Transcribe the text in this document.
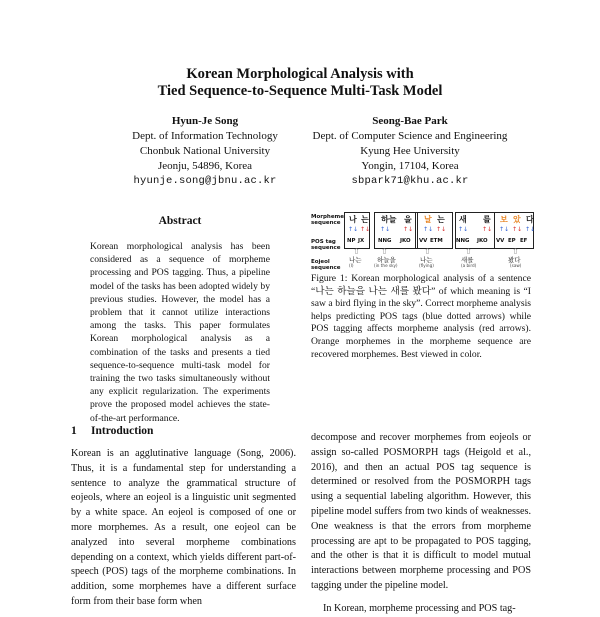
Korean Morphological Analysis with
Tied Sequence-to-Sequence Multi-Task Model
Hyun-Je Song
Dept. of Information Technology
Chonbuk National University
Jeonju, 54896, Korea
hyunje.song@jbnu.ac.kr
Seong-Bae Park
Dept. of Computer Science and Engineering
Kyung Hee University
Yongin, 17104, Korea
sbpark71@khu.ac.kr
Abstract
Korean morphological analysis has been considered as a sequence of morpheme processing and POS tagging. Thus, a pipeline model of the tasks has been adopted widely by previous studies. However, the model has a problem that it cannot utilize interactions among the tasks. This paper formulates Korean morphological analysis as a combination of the tasks and presents a tied sequence-to-sequence multi-task model for training the two tasks simultaneously without any explicit regularization. The experiments prove the proposed model achieves the state-of-the-art performance.
1 Introduction
Korean is an agglutinative language (Song, 2006). Thus, it is a fundamental step for understanding a sentence to analyze the grammatical structure of eojeols, where an eojeol is a linguistic unit segmented by a white space. An eojeol is composed of one or more morphemes. As a result, one eojeol can be analyzed into several morpheme combinations depending on a context, which yields different part-of-speech (POS) tags of the morpheme combinations. In addition, some morphemes have a different surface form from their base form when

decompose and recover morphemes from eojeols or assign so-called POSMORPH tags (Heigold et al., 2016), and then an actual POS tag sequence is determined or resolved from the POSMORPH tags using a sequential labeling algorithm. However, this pipeline model suffers from two kinds of weaknesses. One weakness is that the errors from morpheme processing are apt to be propagated to POS tagging, and the other is that it is difficult to model mutual interactions between morpheme processing and POS tagging under the pipeline model.

In Korean, morpheme processing and POS tag-

Morpheme sequence
POS tag sequence
Eojeol sequence
나
↑↓
는
↑↓
하늘
↑↓
을
↑↓
날
↑↓
는
↑↓
새
↑↓
를
↑↓
보
↑↓
았
↑↓
다
↑↓
NP JX	NNG JKO VV ETM NNG JKO VV EP EF
⇧
나는
(I)
⇧
하늘을
(in the sky)
⇧
나는
(flying)
⇧
새를
(a bird)
⇧
봤다
(saw)
Figure 1: Korean morphological analysis of a sentence “나는 하늘을 나는 새를 봤다” of which meaning is “I saw a bird flying in the sky”. Correct morpheme analysis helps predicting POS tags (blue dotted arrows) while POS tagging affects morpheme analysis (red arrows). Orange morphemes in the morpheme sequence are recovered morphemes. Best viewed in color.
